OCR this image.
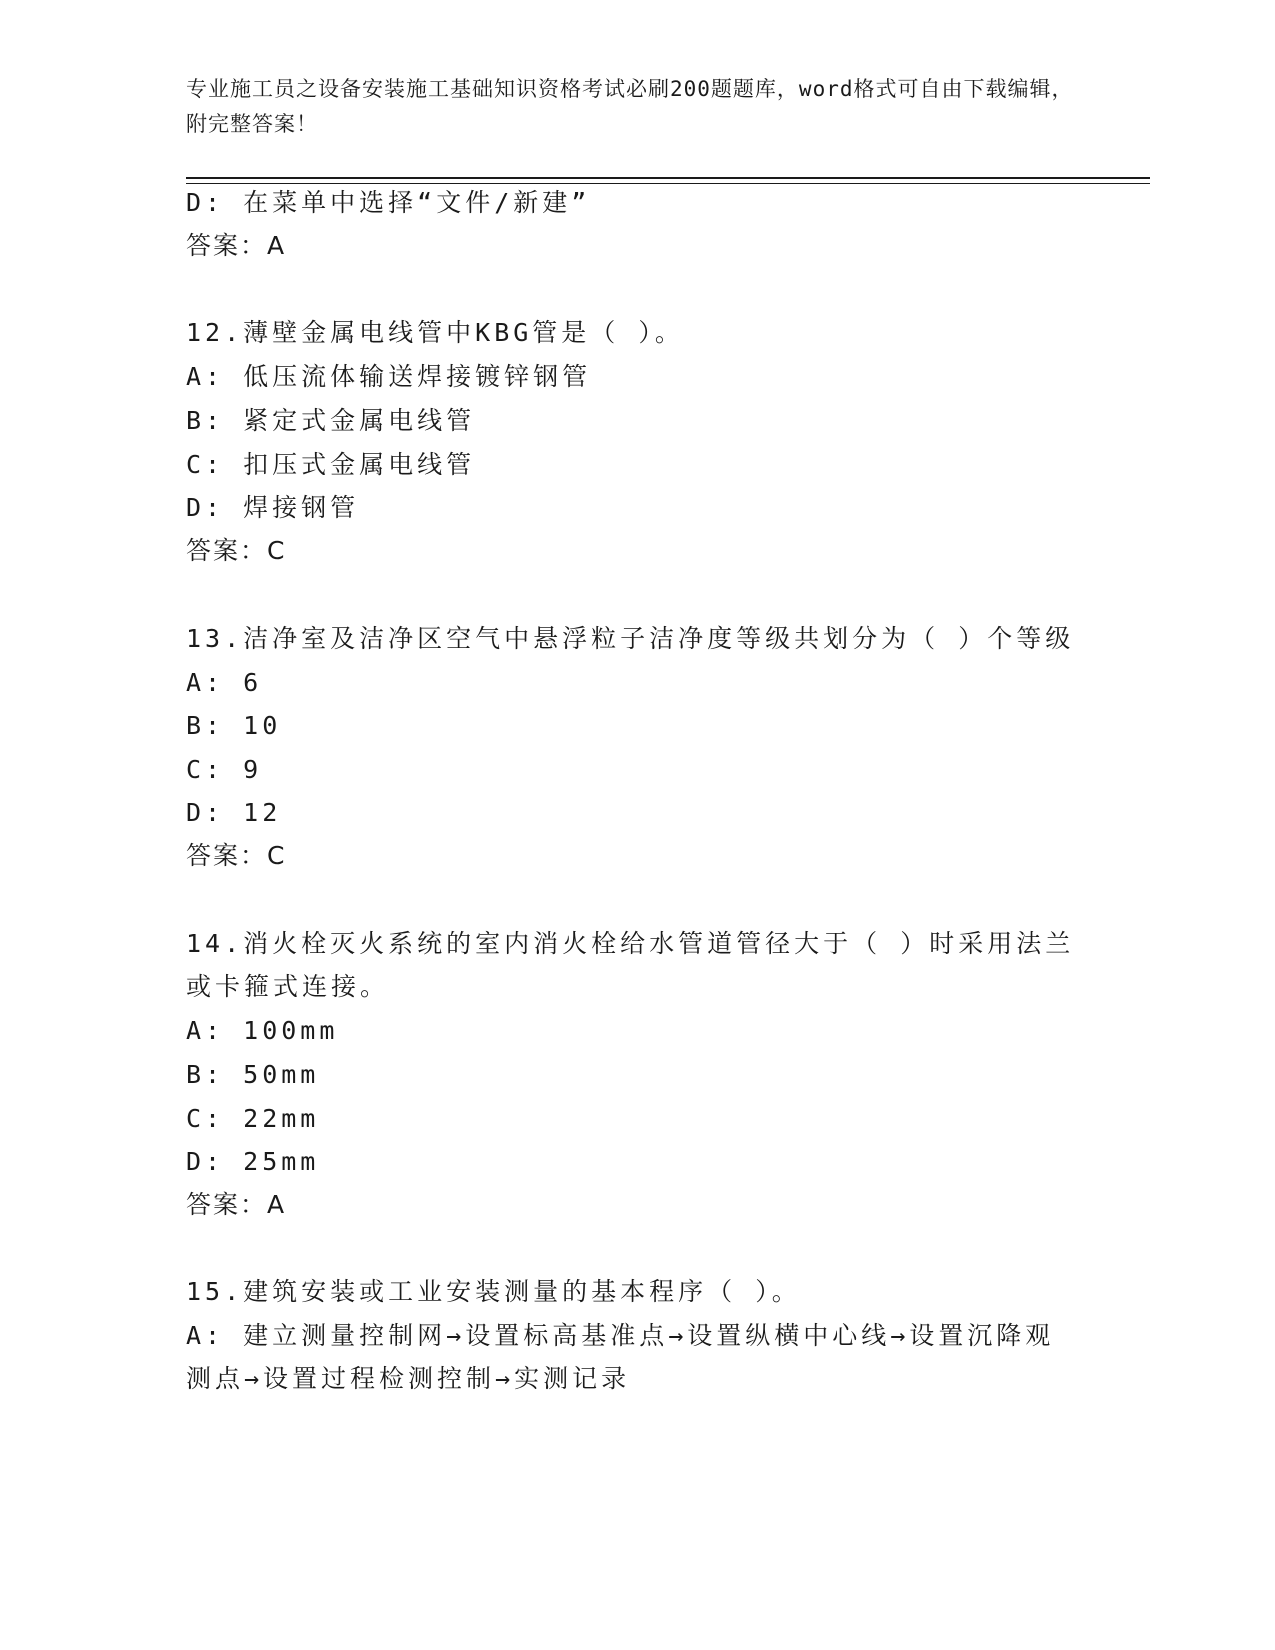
专业施工员之设备安装施工基础知识资格考试必刷200题题库，word格式可自由下载编辑，附完整答案！
D: 在菜单中选择“文件/新建”
答案：A
12.薄壁金属电线管中KBG管是（ ）。
A: 低压流体输送焊接镀锌钢管
B: 紧定式金属电线管
C: 扣压式金属电线管
D: 焊接钢管
答案：C
13.洁净室及洁净区空气中悬浮粒子洁净度等级共划分为（ ）个等级
A: 6
B: 10
C: 9
D: 12
答案：C
14.消火栓灭火系统的室内消火栓给水管道管径大于（ ）时采用法兰
或卡箍式连接。
A: 100mm
B: 50mm
C: 22mm
D: 25mm
答案：A
15.建筑安装或工业安装测量的基本程序（ ）。
A: 建立测量控制网→设置标高基准点→设置纵横中心线→设置沉降观
测点→设置过程检测控制→实测记录
